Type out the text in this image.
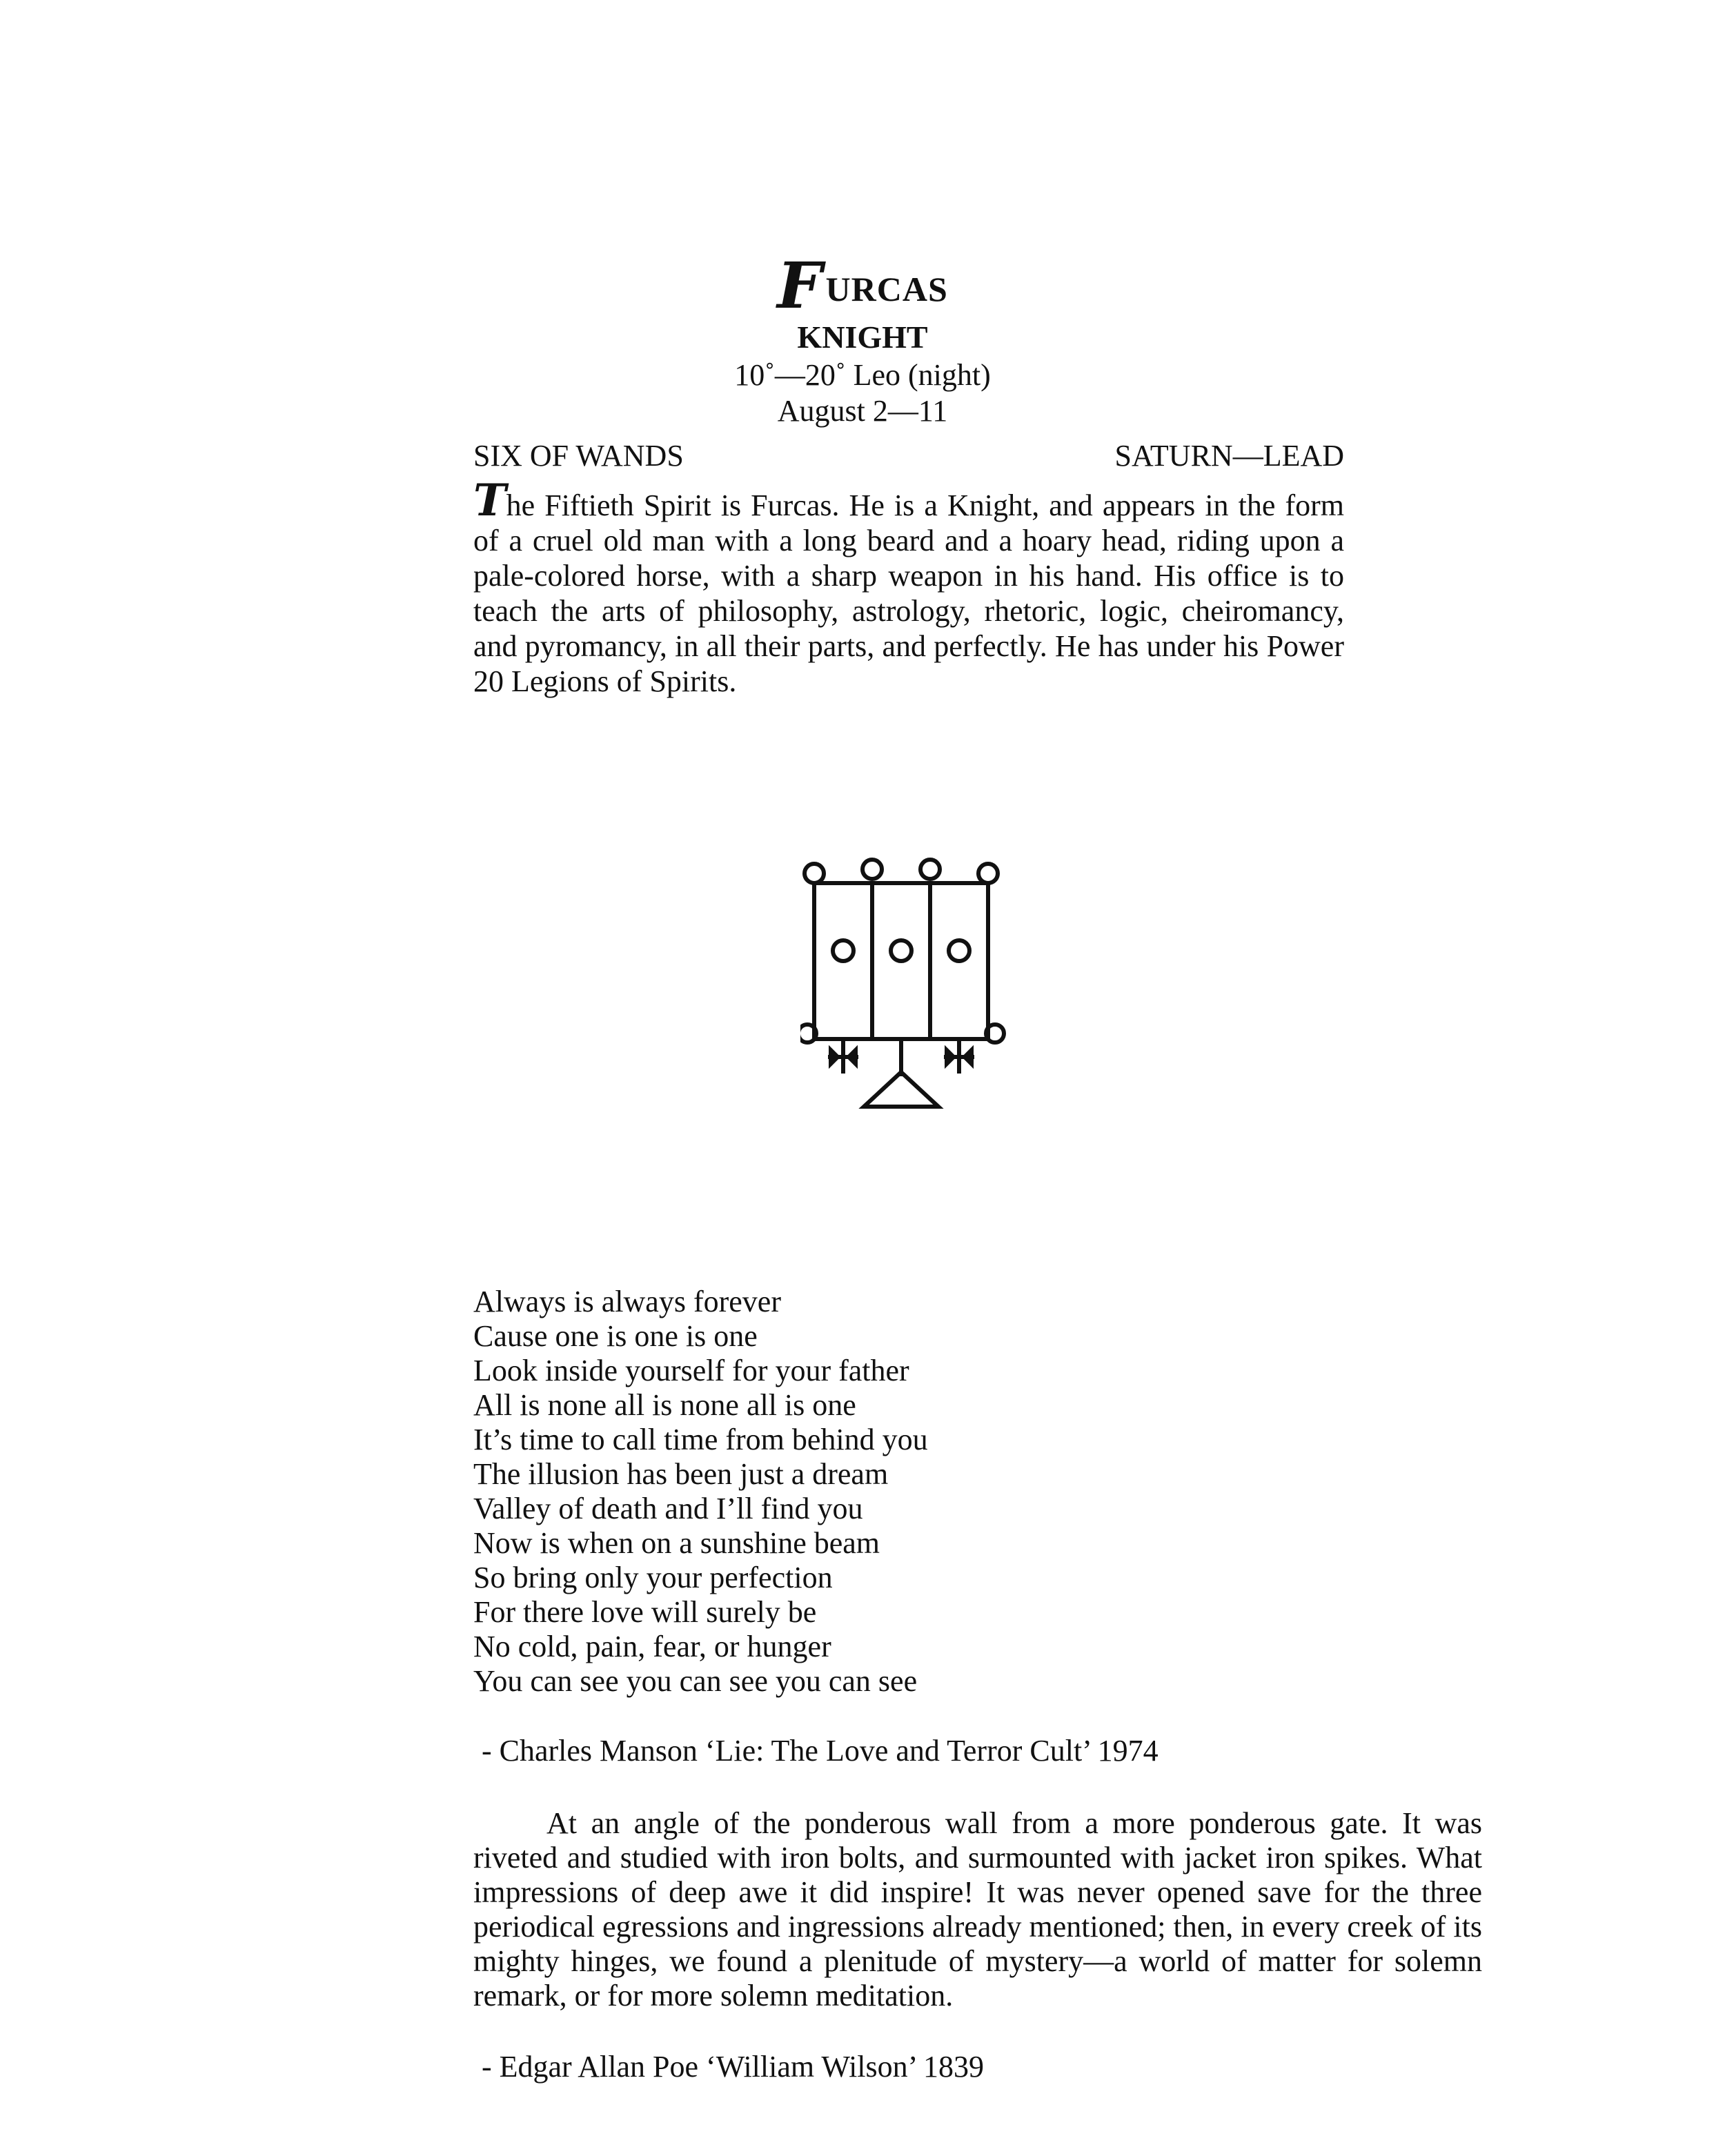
FURCAS
KNIGHT
10˚—20˚ Leo (night)
August 2—11
SIX OF WANDS	SATURN—LEAD

The Fiftieth Spirit is Furcas. He is a Knight, and appears in the form of a cruel old man with a long beard and a hoary head, riding upon a pale-colored horse, with a sharp weapon in his hand. His office is to teach the arts of philosophy, astrology, rhetoric, logic, cheiromancy, and pyromancy, in all their parts, and perfectly. He has under his Power 20 Legions of Spirits.

Always is always forever
Cause one is one is one
Look inside yourself for your father
All is none all is none all is one
It’s time to call time from behind you
The illusion has been just a dream
Valley of death and I’ll find you
Now is when on a sunshine beam
So bring only your perfection
For there love will surely be
No cold, pain, fear, or hunger
You can see you can see you can see
- Charles Manson ‘Lie: The Love and Terror Cult’ 1974

At an angle of the ponderous wall from a more ponderous gate. It was riveted and studied with iron bolts, and surmounted with jacket iron spikes. What impressions of deep awe it did inspire! It was never opened save for the three periodical egressions and ingressions already mentioned; then, in every creek of its mighty hinges, we found a plenitude of mystery—a world of matter for solemn remark, or for more solemn meditation.

- Edgar Allan Poe ‘William Wilson’ 1839
